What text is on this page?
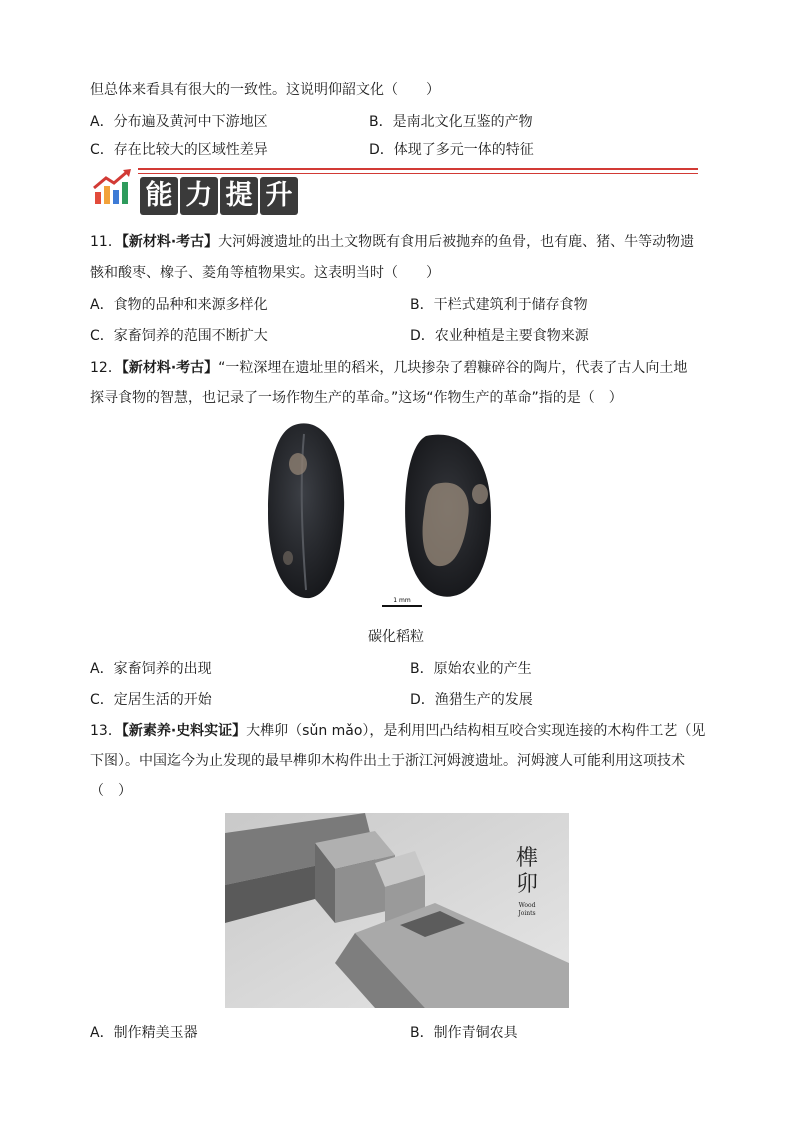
但总体来看具有很大的一致性。这说明仰韶文化（　　）
A．分布遍及黄河中下游地区	B．是南北文化互鉴的产物
C．存在比较大的区域性差异	D．体现了多元一体的特征
能 力 提 升
11．【新材料·考古】大河姆渡遗址的出土文物既有食用后被抛弃的鱼骨，也有鹿、猪、牛等动物遗
骸和酸枣、橡子、菱角等植物果实。这表明当时（　　）
A．食物的品种和来源多样化	B．干栏式建筑利于储存食物
C．家畜饲养的范围不断扩大	D．农业种植是主要食物来源
12．【新材料·考古】“一粒深埋在遗址里的稻米，几块掺杂了碧糠碎谷的陶片，代表了古人向土地
探寻食物的智慧，也记录了一场作物生产的革命。”这场“作物生产的革命”指的是（　）
1 mm
碳化稻粒
A．家畜饲养的出现	B．原始农业的产生
C．定居生活的开始	D．渔猎生产的发展
13．【新素养·史料实证】大榫卯（sǔn mǎo），是利用凹凸结构相互咬合实现连接的木构件工艺（见
下图）。中国迄今为止发现的最早榫卯木构件出土于浙江河姆渡遗址。河姆渡人可能利用这项技术
（　）
榫
卯
Wood
Joints
A．制作精美玉器	B．制作青铜农具
